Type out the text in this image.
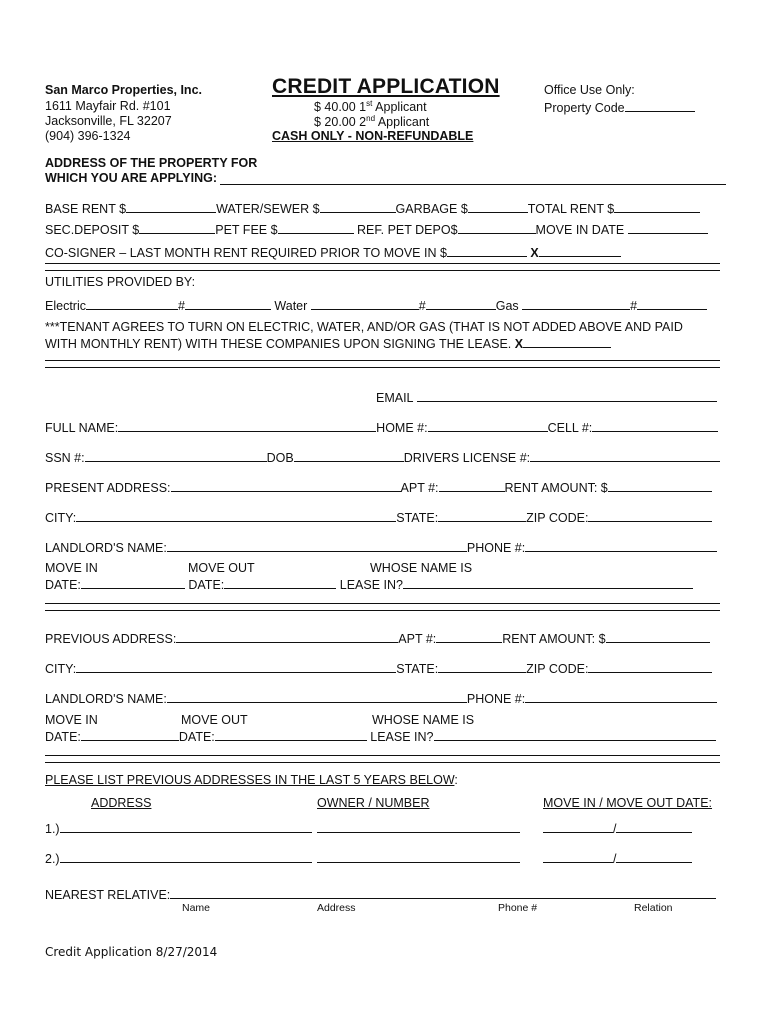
San Marco Properties, Inc.
1611 Mayfair Rd. #101
Jacksonville, FL 32207
(904) 396-1324
CREDIT APPLICATION
$ 40.00 1st Applicant
$ 20.00 2nd Applicant
CASH ONLY - NON-REFUNDABLE
Office Use Only:
Property Code
ADDRESS OF THE PROPERTY FOR
WHICH YOU ARE APPLYING:
BASE RENT $	WATER/SEWER $	GARBAGE $	TOTAL RENT $
SEC.DEPOSIT $	PET FEE $	REF. PET DEPO$	MOVE IN DATE
CO-SIGNER – LAST MONTH RENT REQUIRED PRIOR TO MOVE IN $	X
UTILITIES PROVIDED BY:
Electric	#	Water	#	Gas	#
***TENANT AGREES TO TURN ON ELECTRIC, WATER, AND/OR GAS (THAT IS NOT ADDED ABOVE AND PAID
WITH MONTHLY RENT) WITH THESE COMPANIES UPON SIGNING THE LEASE. X
EMAIL
FULL NAME:	HOME #:	CELL #:
SSN #:	DOB	DRIVERS LICENSE #:
PRESENT ADDRESS:	APT #:	RENT AMOUNT: $
CITY:	STATE:	ZIP CODE:
LANDLORD'S NAME:	PHONE #:
MOVE IN	MOVE OUT	WHOSE NAME IS
DATE:	DATE:	LEASE IN?
PREVIOUS ADDRESS:	APT #:	RENT AMOUNT: $
CITY:	STATE:	ZIP CODE:
LANDLORD'S NAME:	PHONE #:
MOVE IN	MOVE OUT	WHOSE NAME IS
DATE:	DATE:	LEASE IN?
PLEASE LIST PREVIOUS ADDRESSES IN THE LAST 5 YEARS BELOW:
ADDRESS	OWNER / NUMBER	MOVE IN / MOVE OUT DATE:
1.)	/
2.)	/
NEAREST RELATIVE:
Name	Address	Phone #	Relation
Credit Application 8/27/2014
